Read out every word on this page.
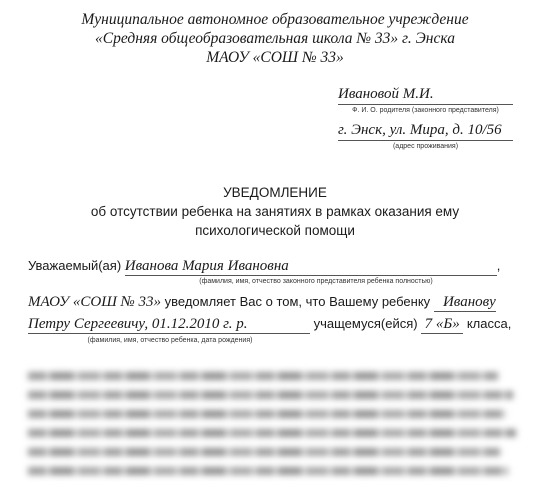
Муниципальное автономное образовательное учреждение
«Средняя общеобразовательная школа № 33» г. Энска
МАОУ «СОШ № 33»
Ивановой М.И.
Ф. И. О. родителя (законного представителя)
г. Энск, ул. Мира, д. 10/56
(адрес проживания)
УВЕДОМЛЕНИЕ
об отсутствии ребенка на занятиях в рамках оказания ему
психологической помощи
Уважаемый(ая) Иванова Мария Ивановна	,
(фамилия, имя, отчество законного представителя ребенка полностью)
МАОУ «СОШ № 33» уведомляет Вас о том, что Вашему ребенку Иванову
Петру Сергеевичу, 01.12.2010 г. р.	учащемуся(ейся) 7 «Б» класса,
(фамилия, имя, отчество ребенка, дата рождения)
